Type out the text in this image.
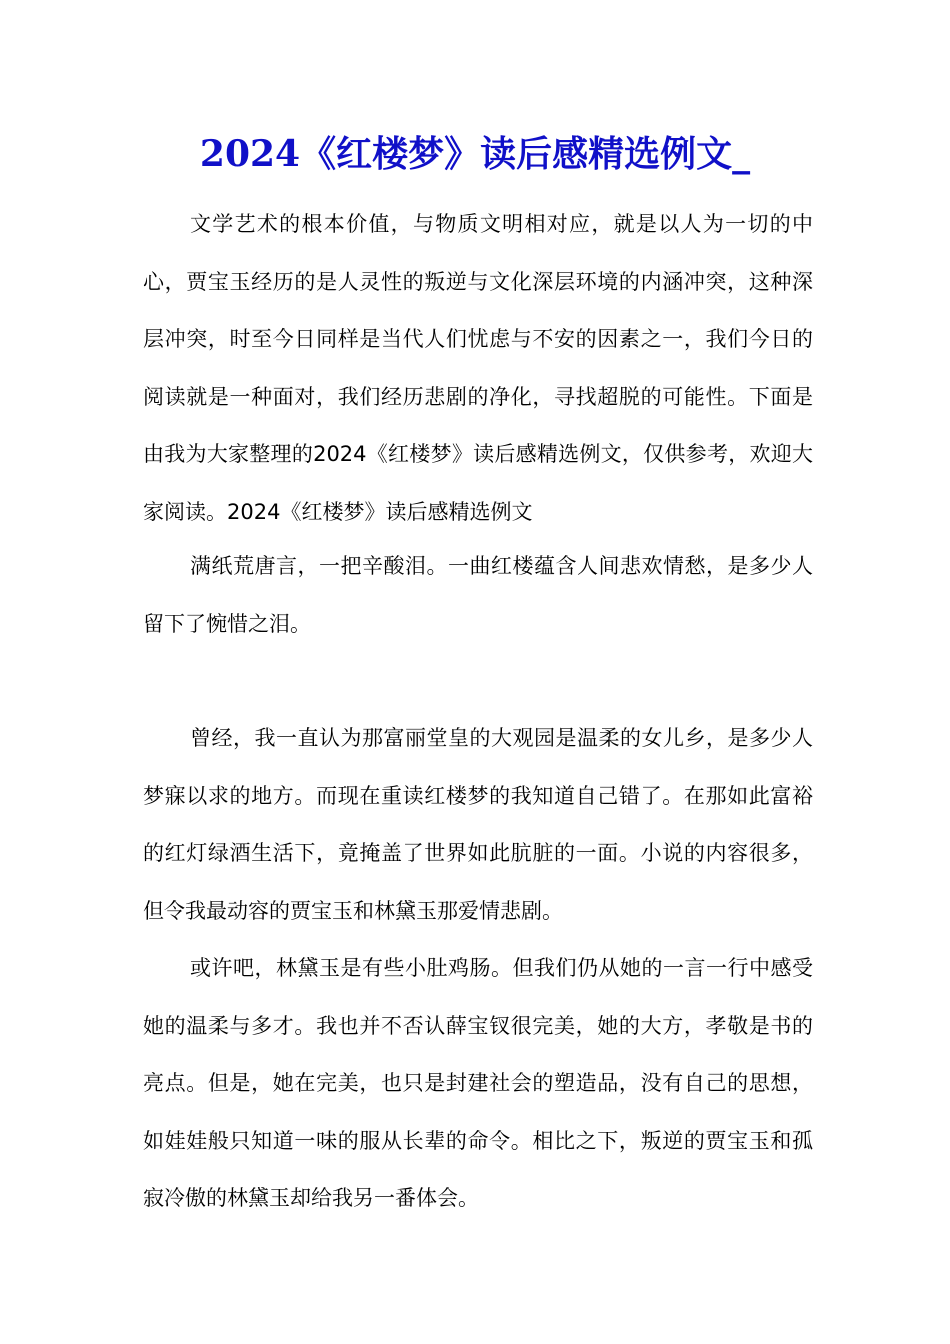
2024《红楼梦》读后感精选例文_

文学艺术的根本价值，与物质文明相对应，就是以人为一切的中心，贾宝玉经历的是人灵性的叛逆与文化深层环境的内涵冲突，这种深层冲突，时至今日同样是当代人们忧虑与不安的因素之一，我们今日的阅读就是一种面对，我们经历悲剧的净化，寻找超脱的可能性。下面是由我为大家整理的2024《红楼梦》读后感精选例文，仅供参考，欢迎大家阅读。2024《红楼梦》读后感精选例文

满纸荒唐言，一把辛酸泪。一曲红楼蕴含人间悲欢情愁，是多少人留下了惋惜之泪。

曾经，我一直认为那富丽堂皇的大观园是温柔的女儿乡，是多少人梦寐以求的地方。而现在重读红楼梦的我知道自己错了。在那如此富裕的红灯绿酒生活下，竟掩盖了世界如此肮脏的一面。小说的内容很多，但令我最动容的贾宝玉和林黛玉那爱情悲剧。

或许吧，林黛玉是有些小肚鸡肠。但我们仍从她的一言一行中感受她的温柔与多才。我也并不否认薛宝钗很完美，她的大方，孝敬是书的亮点。但是，她在完美，也只是封建社会的塑造品，没有自己的思想，如娃娃般只知道一味的服从长辈的命令。相比之下，叛逆的贾宝玉和孤寂冷傲的林黛玉却给我另一番体会。
